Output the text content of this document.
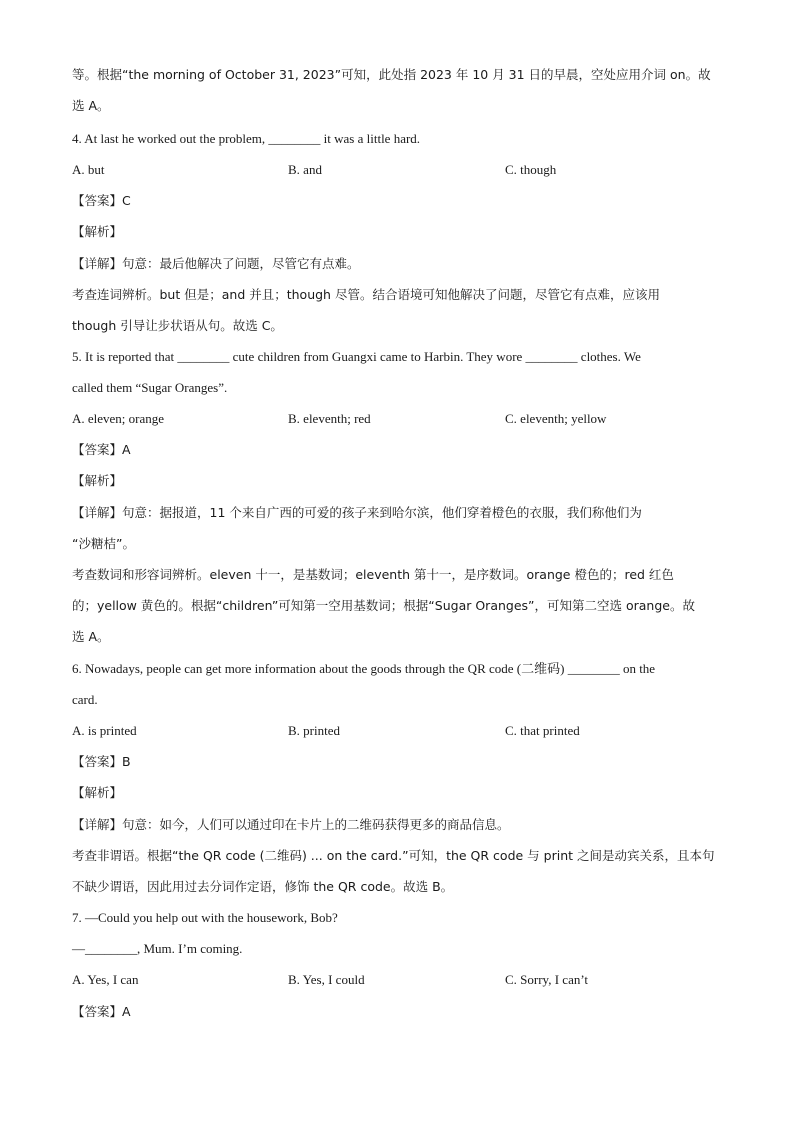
等。根据“the morning of October 31, 2023”可知，此处指 2023 年 10 月 31 日的早晨，空处应用介词 on。故
选 A。
4. At last he worked out the problem, ________ it was a little hard.
A. but	B. and	C. though
【答案】C
【解析】
【详解】句意：最后他解决了问题，尽管它有点难。
考查连词辨析。but 但是；and 并且；though 尽管。结合语境可知他解决了问题，尽管它有点难，应该用
though 引导让步状语从句。故选 C。
5. It is reported that ________ cute children from Guangxi came to Harbin. They wore ________ clothes. We
called them “Sugar Oranges”.
A. eleven; orange	B. eleventh; red	C. eleventh; yellow
【答案】A
【解析】
【详解】句意：据报道，11 个来自广西的可爱的孩子来到哈尔滨，他们穿着橙色的衣服，我们称他们为
“沙糖桔”。
考查数词和形容词辨析。eleven 十一，是基数词；eleventh 第十一，是序数词。orange 橙色的；red 红色
的；yellow 黄色的。根据“children”可知第一空用基数词；根据“Sugar Oranges”，可知第二空选 orange。故
选 A。
6. Nowadays, people can get more information about the goods through the QR code (二维码) ________ on the
card.
A. is printed	B. printed	C. that printed
【答案】B
【解析】
【详解】句意：如今，人们可以通过印在卡片上的二维码获得更多的商品信息。
考查非谓语。根据“the QR code (二维码) ... on the card.”可知，the QR code 与 print 之间是动宾关系，且本句
不缺少谓语，因此用过去分词作定语，修饰 the QR code。故选 B。
7. —Could you help out with the housework, Bob?
—________, Mum. I’m coming.
A. Yes, I can	B. Yes, I could	C. Sorry, I can’t
【答案】A
